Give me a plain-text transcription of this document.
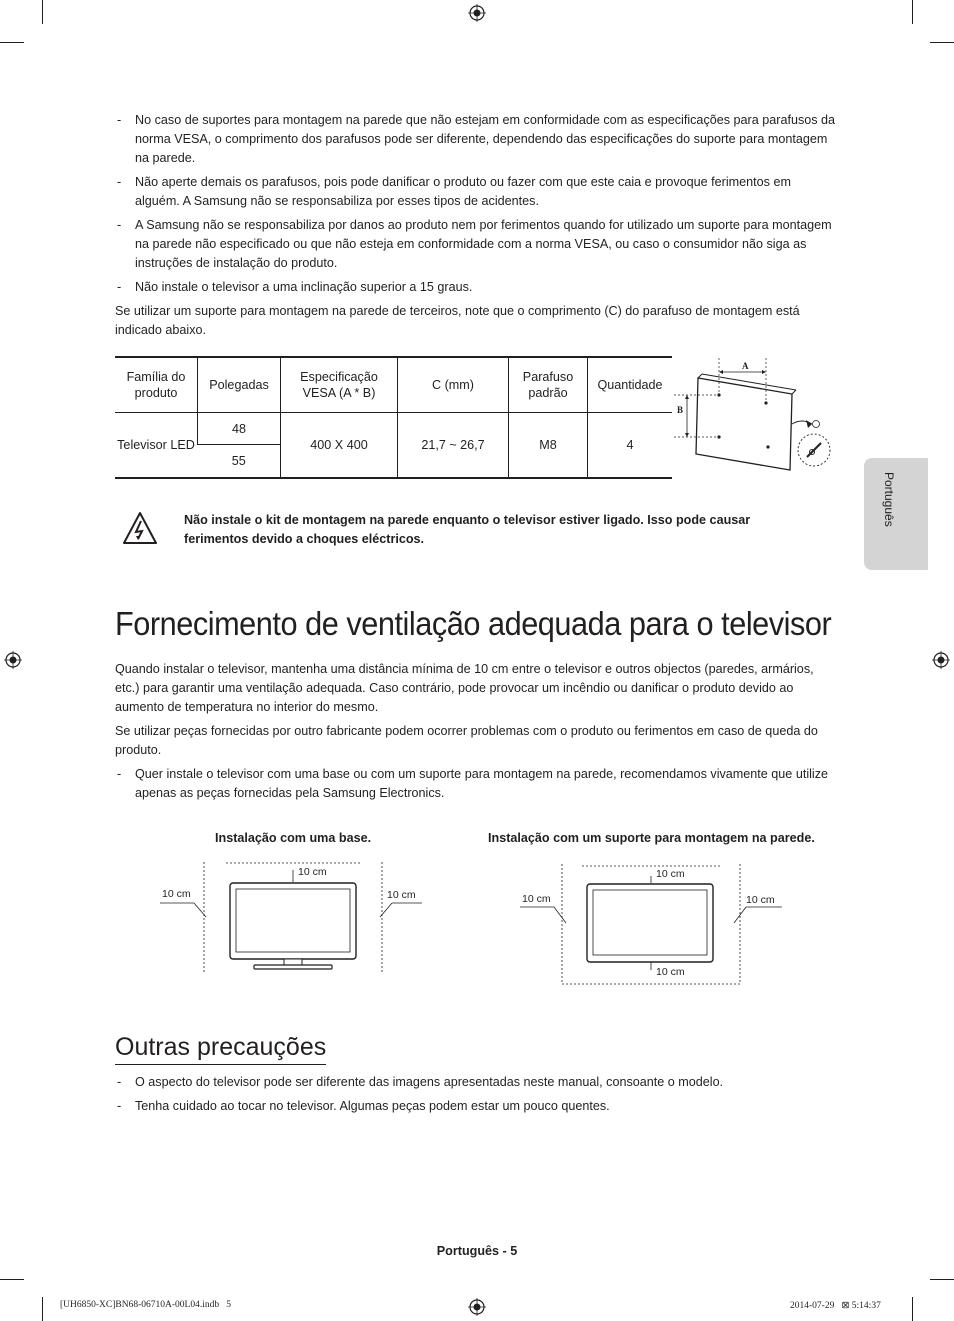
- No caso de suportes para montagem na parede que não estejam em conformidade com as especificações para parafusos da norma VESA, o comprimento dos parafusos pode ser diferente, dependendo das especificações do suporte para montagem na parede.
- Não aperte demais os parafusos, pois pode danificar o produto ou fazer com que este caia e provoque ferimentos em alguém. A Samsung não se responsabiliza por esses tipos de acidentes.
- A Samsung não se responsabiliza por danos ao produto nem por ferimentos quando for utilizado um suporte para montagem na parede não especificado ou que não esteja em conformidade com a norma VESA, ou caso o consumidor não siga as instruções de instalação do produto.
- Não instale o televisor a uma inclinação superior a 15 graus.

Se utilizar um suporte para montagem na parede de terceiros, note que o comprimento (C) do parafuso de montagem está indicado abaixo.

Família do produto	Polegadas	Especificação VESA (A * B)	C (mm)	Parafuso padrão	Quantidade
Televisor LED	48	400 X 400	21,7 ~ 26,7	M8	4
	55				
A
B
Não instale o kit de montagem na parede enquanto o televisor estiver ligado. Isso pode causar ferimentos devido a choques eléctricos.
Português
Fornecimento de ventilação adequada para o televisor

Quando instalar o televisor, mantenha uma distância mínima de 10 cm entre o televisor e outros objectos (paredes, armários, etc.) para garantir uma ventilação adequada. Caso contrário, pode provocar um incêndio ou danificar o produto devido ao aumento de temperatura no interior do mesmo.

Se utilizar peças fornecidas por outro fabricante podem ocorrer problemas com o produto ou ferimentos em caso de queda do produto.

- Quer instale o televisor com uma base ou com um suporte para montagem na parede, recomendamos vivamente que utilize apenas as peças fornecidas pela Samsung Electronics.
Instalação com uma base.
10 cm
10 cm	10 cm
Instalação com um suporte para montagem na parede.
10 cm
10 cm	10 cm
10 cm
Outras precauções
- O aspecto do televisor pode ser diferente das imagens apresentadas neste manual, consoante o modelo.
- Tenha cuidado ao tocar no televisor. Algumas peças podem estar um pouco quentes.
Português - 5
[UH6850-XC]BN68-06710A-00L04.indb   5	2014-07-29   ⊠ 5:14:37
